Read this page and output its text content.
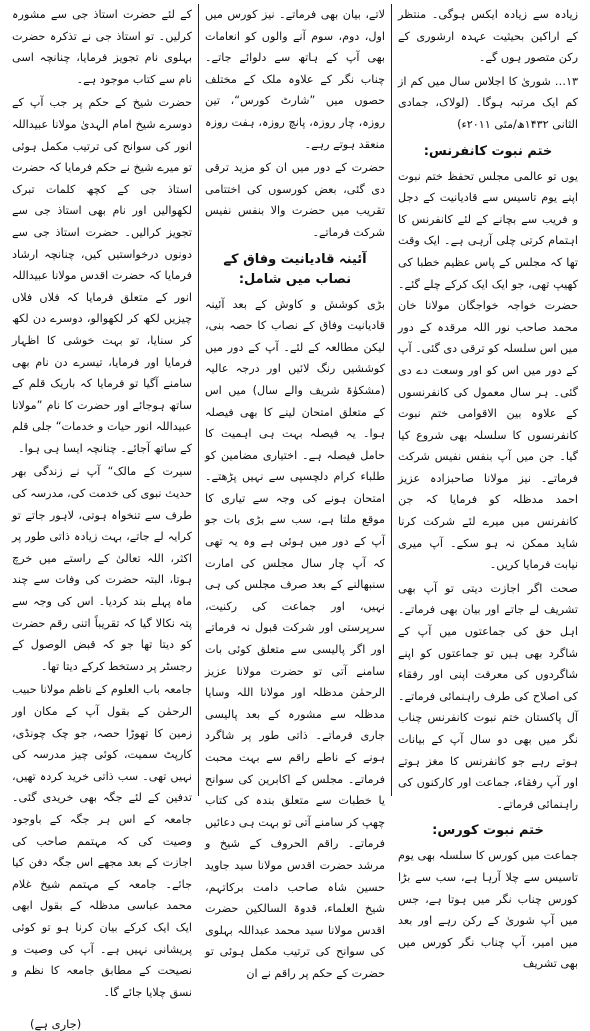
زیادہ سے زیادہ ایکس ہوگی۔ منتظر کے اراکین بحیثیت عہدہ ارشوری کے رکن متصور ہوں گے۔

۱۳… شوریٰ کا اجلاس سال میں کم از کم ایک مرتبہ ہوگا۔ (لولاک، جمادی الثانی ۱۴۳۲ھ/مئی ۲۰۱۱ء)

ختم نبوت کانفرنس:

یوں تو عالمی مجلس تحفظ ختم نبوت اپنے یوم تاسیس سے قادیانیت کے دجل و فریب سے بچانے کے لئے کانفرنس کا اہتمام کرتی چلی آرہی ہے۔ ایک وقت تھا کہ مجلس کے پاس عظیم خطبا کی کھیپ تھی، جو ایک ایک کرکے چلے گئے۔ حضرت خواجہ خواجگان مولانا خان محمد صاحب نور اللہ مرقدہ کے دور میں اس سلسلہ کو ترقی دی گئی۔ آپ کے دور میں اس کو اور وسعت دے دی گئی۔ ہر سال معمول کی کانفرنسوں کے علاوہ بین الاقوامی ختم نبوت کانفرنسوں کا سلسلہ بھی شروع کیا گیا۔ جن میں آپ بنفس نفیس شرکت فرماتے۔ نیز مولانا صاحبزادہ عزیز احمد مدظلہ کو فرمایا کہ جن کانفرنس میں میرے لئے شرکت کرنا شاید ممکن نہ ہو سکے۔ آپ میری نیابت فرمایا کریں۔

صحت اگر اجازت دیتی تو آپ بھی تشریف لے جاتے اور بیان بھی فرماتے۔ اہل حق کی جماعتوں میں آپ کے شاگرد بھی ہیں تو جماعتوں کو اپنے شاگردوں کی معرفت اپنی اور رفقاء کی اصلاح کی طرف راہنمائی فرماتے۔ آل پاکستان ختم نبوت کانفرنس چناب نگر میں بھی دو سال آپ کے بیانات ہوتے رہے جو کانفرنس کا مغز ہوتے اور آپ رفقاء، جماعت اور کارکنوں کی راہنمائی فرماتے۔

ختم نبوت کورس:

جماعت میں کورس کا سلسلہ بھی یوم تاسیس سے چلا آرہا ہے، سب سے بڑا کورس چناب نگر میں ہوتا ہے، جس میں آپ شوریٰ کے رکن رہے اور بعد میں امیر، آپ چناب نگر کورس میں بھی تشریف

لاتے، بیان بھی فرماتے۔ نیز کورس میں اول، دوم، سوم آنے والوں کو انعامات بھی آپ کے ہاتھ سے دلوائے جاتے۔ چناب نگر کے علاوہ ملک کے مختلف حصوں میں ”شارٹ کورس“، تین روزہ، چار روزہ، پانچ روزہ، ہفت روزہ منعقد ہوتے رہے۔

حضرت کے دور میں ان کو مزید ترقی دی گئی، بعض کورسوں کی اختتامی تقریب میں حضرت والا بنفس نفیس شرکت فرماتے۔

آئینہ قادیانیت وفاق کے نصاب میں شامل:

بڑی کوشش و کاوش کے بعد آئینہ قادیانیت وفاق کے نصاب کا حصہ بنی، لیکن مطالعہ کے لئے۔ آپ کے دور میں کوششیں رنگ لائیں اور درجہ عالیہ (مشکوٰۃ شریف والے سال) میں اس کے متعلق امتحان لینے کا بھی فیصلہ ہوا۔ یہ فیصلہ بہت ہی اہمیت کا حامل فیصلہ ہے۔ اختیاری مضامین کو طلباء کرام دلچسپی سے نہیں پڑھتے۔ امتحان ہونے کی وجہ سے تیاری کا موقع ملتا ہے، سب سے بڑی بات جو آپ کے دور میں ہوئی ہے وہ یہ تھی کہ آپ چار سال مجلس کی امارت سنبھالنے کے بعد صرف مجلس کی ہی نہیں، اور جماعت کی رکنیت، سرپرستی اور شرکت قبول نہ فرماتے اور اگر پالیسی سے متعلق کوئی بات سامنے آتی تو حضرت مولانا عزیز الرحمٰن مدظلہ اور مولانا اللہ وسایا مدظلہ سے مشورہ کے بعد پالیسی جاری فرماتے۔ ذاتی طور پر شاگرد ہونے کے ناطے راقم سے بہت محبت فرماتے۔ مجلس کے اکابرین کی سوانح یا خطبات سے متعلق بندہ کی کتاب چھپ کر سامنے آتی تو بہت ہی دعائیں فرماتے۔ راقم الحروف کے شیخ و مرشد حضرت اقدس مولانا سید جاوید حسین شاہ صاحب دامت برکاتہم، شیخ العلماء، قدوۃ السالکین حضرت اقدس مولانا سید محمد عبداللہ بہلوی کی سوانح کی ترتیب مکمل ہوئی تو حضرت کے حکم پر راقم نے ان

کے لئے حضرت استاذ جی سے مشورہ کرلیں۔ تو استاذ جی نے تذکرہ حضرت بہلوی نام تجویز فرمایا، چنانچہ اسی نام سے کتاب موجود ہے۔

حضرت شیخ کے حکم پر جب آپ کے دوسرے شیخ امام الہدیٰ مولانا عبیداللہ انور کی سوانح کی ترتیب مکمل ہوئی تو میرے شیخ نے حکم فرمایا کہ حضرت استاذ جی کے کچھ کلمات تبرک لکھوالیں اور نام بھی استاذ جی سے تجویز کرالیں۔ حضرت استاذ جی سے دونوں درخواستیں کیں، چنانچہ ارشاد فرمایا کہ حضرت اقدس مولانا عبیداللہ انور کے متعلق فرمایا کہ فلاں فلاں چیزیں لکھ کر لکھوالو، دوسرے دن لکھ کر سنایا، تو بہت خوشی کا اظہار فرمایا اور فرمایا، تیسرے دن نام بھی سامنے آگیا تو فرمایا کہ باریک قلم کے ساتھ ہوجائے اور حضرت کا نام ”مولانا عبیداللہ انور حیات و خدمات“ جلی قلم کے ساتھ آجائے۔ چنانچہ ایسا ہی ہوا۔

سیرت کے مالک“ آپ نے زندگی بھر حدیث نبوی کی خدمت کی، مدرسہ کی طرف سے تنخواہ ہوتی، لاہور جاتے تو کرایہ لے جاتے، بہت زیادہ ذاتی طور پر اکثر، اللہ تعالیٰ کے راستے میں خرچ ہوتا، البتہ حضرت کی وفات سے چند ماہ پہلے بند کردیا۔ اس کی وجہ سے پتہ نکالا گیا کہ تقریباً اتنی رقم حضرت کو دیتا تھا جو کہ قبض الوصول کے رجسٹر پر دستخط کرکے دیتا تھا۔

جامعہ باب العلوم کے ناظم مولانا حبیب الرحمٰن کے بقول آپ کے مکان اور زمین کا تھوڑا حصہ، جو چک چونڈی، کارپٹ سمیت، کوئی چیز مدرسہ کی نہیں تھی۔ سب ذاتی خرید کردہ تھیں، تدفین کے لئے جگہ بھی خریدی گئی۔ جامعہ کے اس ہر جگہ کے باوجود وصیت کی کہ مہتمم صاحب کی اجازت کے بعد مجھے اس جگہ دفن کیا جائے۔ جامعہ کے مہتمم شیخ غلام محمد عباسی مدظلہ کے بقول ابھی ایک ایک کرکے بیان کرنا ہو تو کوئی پریشانی نہیں ہے۔ آپ کی وصیت و نصیحت کے مطابق جامعہ کا نظم و نسق چلایا جائے گا۔

(جاری ہے)
